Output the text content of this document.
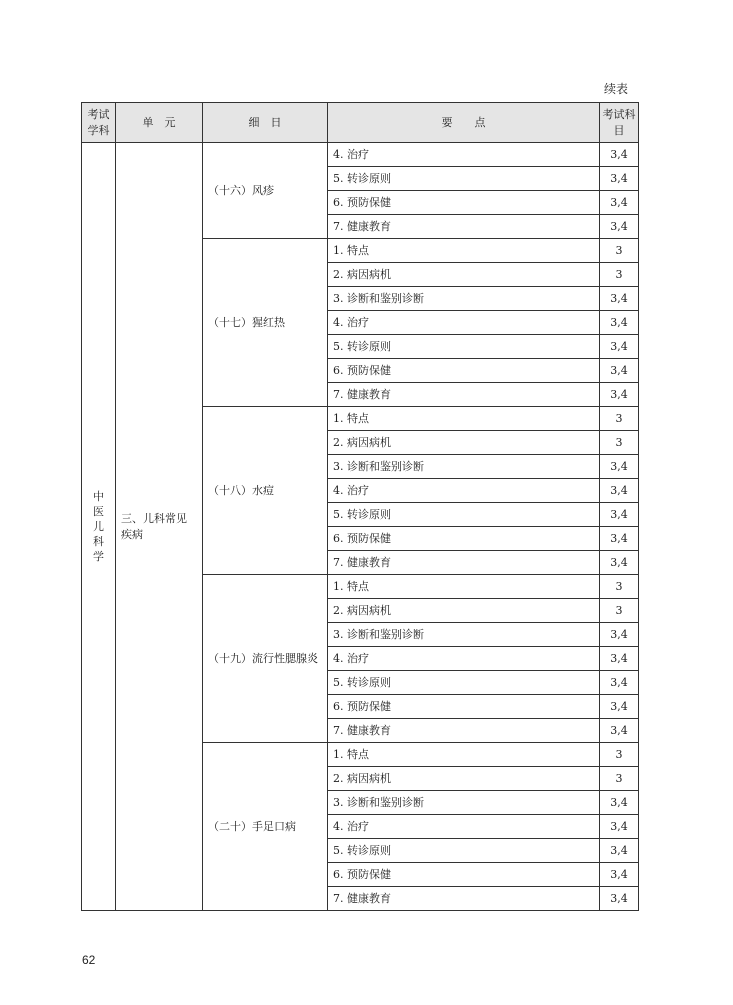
续表
考试学科	单　元	细　日	要　　点	考试科目
中医儿科学	三、儿科常见疾病	（十六）风疹	4. 治疗	3,4
			5. 转诊原则	3,4
			6. 预防保健	3,4
			7. 健康教育	3,4
		（十七）猩红热	1. 特点	3
			2. 病因病机	3
			3. 诊断和鉴别诊断	3,4
			4. 治疗	3,4
			5. 转诊原则	3,4
			6. 预防保健	3,4
			7. 健康教育	3,4
		（十八）水痘	1. 特点	3
			2. 病因病机	3
			3. 诊断和鉴别诊断	3,4
			4. 治疗	3,4
			5. 转诊原则	3,4
			6. 预防保健	3,4
			7. 健康教育	3,4
		（十九）流行性腮腺炎	1. 特点	3
			2. 病因病机	3
			3. 诊断和鉴别诊断	3,4
			4. 治疗	3,4
			5. 转诊原则	3,4
			6. 预防保健	3,4
			7. 健康教育	3,4
		（二十）手足口病	1. 特点	3
			2. 病因病机	3
			3. 诊断和鉴别诊断	3,4
			4. 治疗	3,4
			5. 转诊原则	3,4
			6. 预防保健	3,4
			7. 健康教育	3,4
62
